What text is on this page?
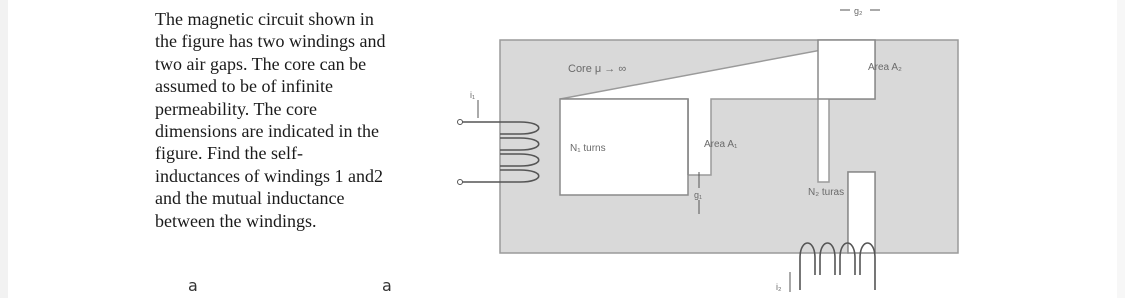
The magnetic circuit shown in
the figure has two windings and
two air gaps. The core can be
assumed to be of infinite
permeability. The core
dimensions are indicated in the
figure. Find the self-
inductances of windings 1 and2
and the mutual inductance
between the windings.
Core μ → ∞
N₁ turns	Area A₁
Area A₂
N₂ turas
g₁
g₂
i₁
i₂
a	a
